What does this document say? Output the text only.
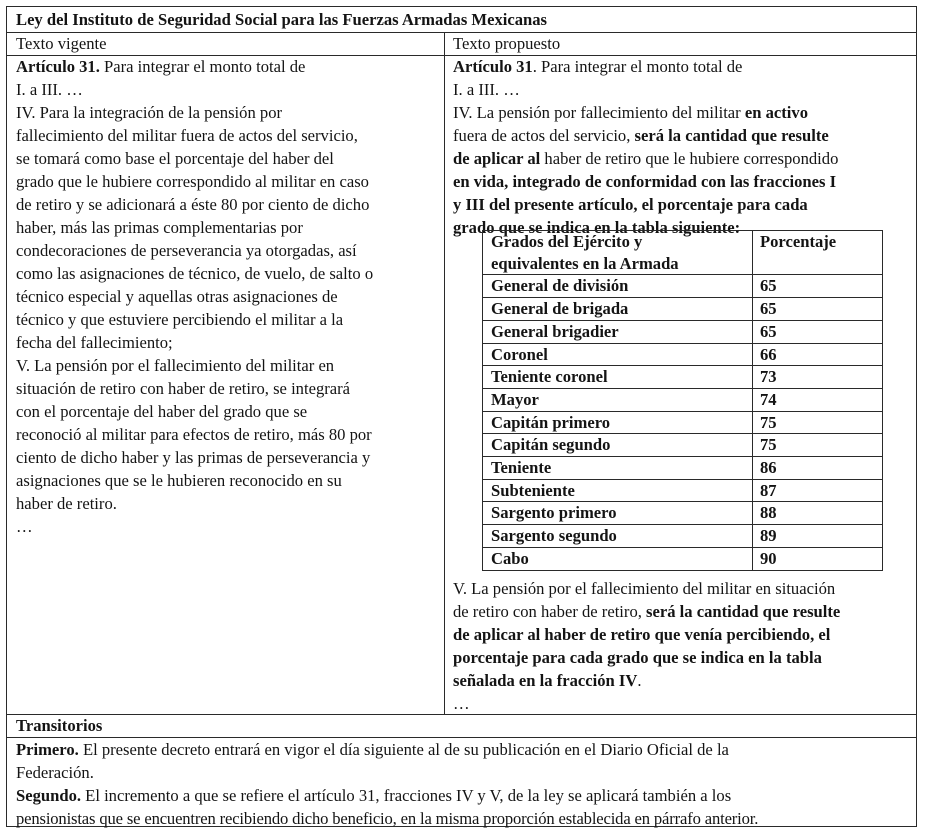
Ley del Instituto de Seguridad Social para las Fuerzas Armadas Mexicanas
Texto vigente	Texto propuesto

Artículo 31. Para integrar el monto total de

I. a III. …

IV. Para la integración de la pensión por

fallecimiento del militar fuera de actos del servicio,

se tomará como base el porcentaje del haber del

grado que le hubiere correspondido al militar en caso

de retiro y se adicionará a éste 80 por ciento de dicho

haber, más las primas complementarias por

condecoraciones de perseverancia ya otorgadas, así

como las asignaciones de técnico, de vuelo, de salto o

técnico especial y aquellas otras asignaciones de

técnico y que estuviere percibiendo el militar a la

fecha del fallecimiento;

V. La pensión por el fallecimiento del militar en

situación de retiro con haber de retiro, se integrará

con el porcentaje del haber del grado que se

reconoció al militar para efectos de retiro, más 80 por

ciento de dicho haber y las primas de perseverancia y

asignaciones que se le hubieren reconocido en su

haber de retiro.

…

Artículo 31. Para integrar el monto total de

I. a III. …

IV. La pensión por fallecimiento del militar en activo

fuera de actos del servicio, será la cantidad que resulte

de aplicar al haber de retiro que le hubiere correspondido

en vida, integrado de conformidad con las fracciones I

y III del presente artículo, el porcentaje para cada

grado que se indica en la tabla siguiente:

Grados del Ejército y
equivalentes en la Armada	Porcentaje
General de división	65
General de brigada	65
General brigadier	65
Coronel	66
Teniente coronel	73
Mayor	74
Capitán primero	75
Capitán segundo	75
Teniente	86
Subteniente	87
Sargento primero	88
Sargento segundo	89
Cabo	90

V. La pensión por el fallecimiento del militar en situación

de retiro con haber de retiro, será la cantidad que resulte

de aplicar al haber de retiro que venía percibiendo, el

porcentaje para cada grado que se indica en la tabla

señalada en la fracción IV.

…

Transitorios

Primero. El presente decreto entrará en vigor el día siguiente al de su publicación en el Diario Oficial de la

Federación.

Segundo. El incremento a que se refiere el artículo 31, fracciones IV y V, de la ley se aplicará también a los

pensionistas que se encuentren recibiendo dicho beneficio, en la misma proporción establecida en párrafo anterior.
